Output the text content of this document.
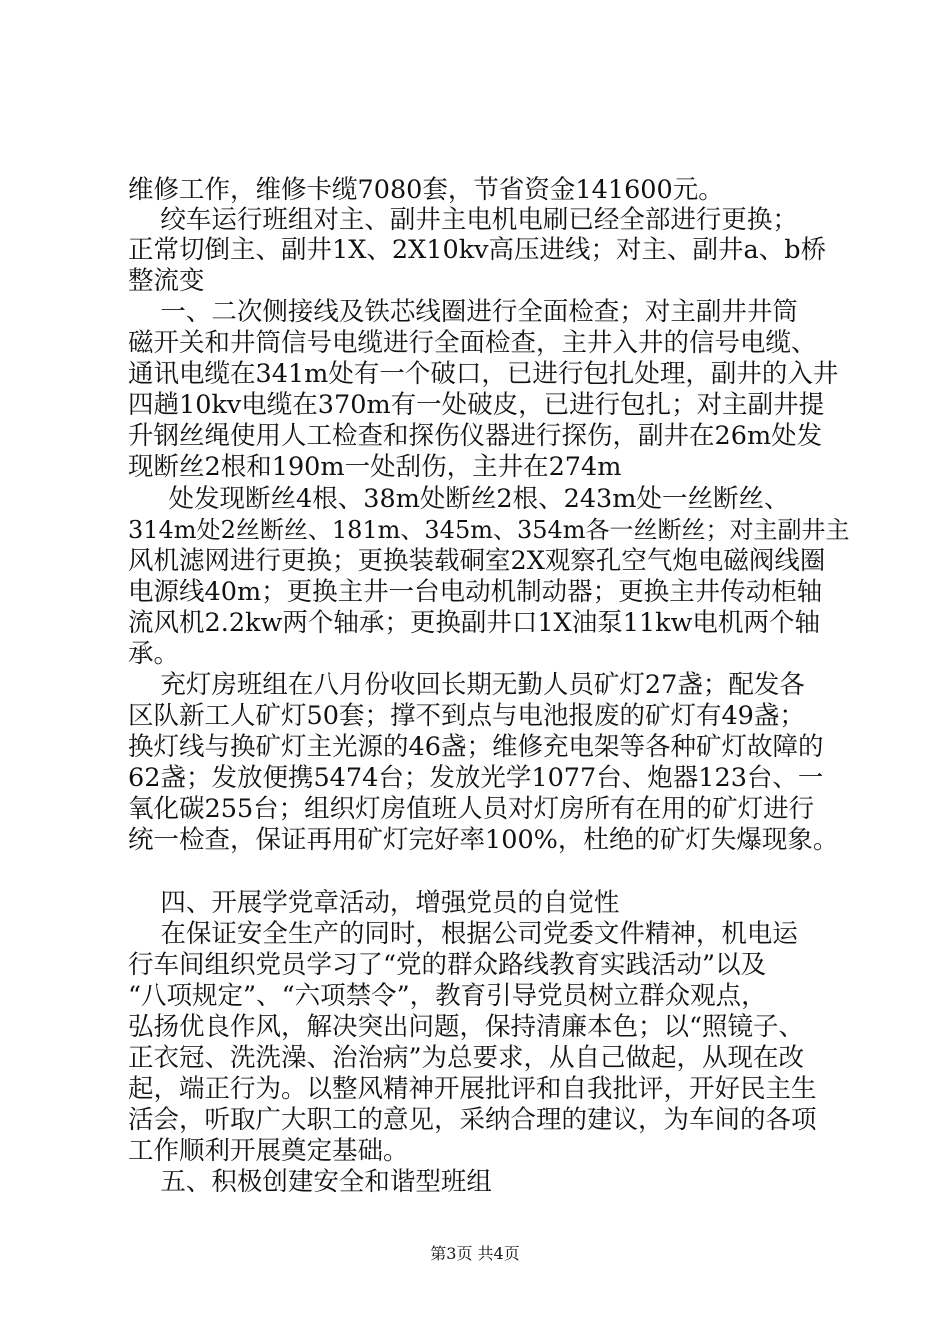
维修工作，维修卡缆7080套，节省资金141600元。
绞车运行班组对主、副井主电机电刷已经全部进行更换；
正常切倒主、副井1X、2X10kv高压进线；对主、副井a、b桥
整流变
一、二次侧接线及铁芯线圈进行全面检查；对主副井井筒
磁开关和井筒信号电缆进行全面检查，主井入井的信号电缆、
通讯电缆在341m处有一个破口，已进行包扎处理，副井的入井
四趟10kv电缆在370m有一处破皮，已进行包扎；对主副井提
升钢丝绳使用人工检查和探伤仪器进行探伤，副井在26m处发
现断丝2根和190m一处刮伤，主井在274m
处发现断丝4根、38m处断丝2根、243m处一丝断丝、
314m处2丝断丝、181m、345m、354m各一丝断丝；对主副井主
风机滤网进行更换；更换装载硐室2X观察孔空气炮电磁阀线圈
电源线40m；更换主井一台电动机制动器；更换主井传动柜轴
流风机2.2kw两个轴承；更换副井口1X油泵11kw电机两个轴
承。
充灯房班组在八月份收回长期无勤人员矿灯27盏；配发各
区队新工人矿灯50套；撑不到点与电池报废的矿灯有49盏；
换灯线与换矿灯主光源的46盏；维修充电架等各种矿灯故障的
62盏；发放便携5474台；发放光学1077台、炮器123台、一
氧化碳255台；组织灯房值班人员对灯房所有在用的矿灯进行
统一检查，保证再用矿灯完好率100%，杜绝的矿灯失爆现象。
四、开展学党章活动，增强党员的自觉性
在保证安全生产的同时，根据公司党委文件精神，机电运
行车间组织党员学习了“党的群众路线教育实践活动”以及
“八项规定”、“六项禁令”，教育引导党员树立群众观点，
弘扬优良作风，解决突出问题，保持清廉本色；以“照镜子、
正衣冠、洗洗澡、治治病”为总要求，从自己做起，从现在改
起，端正行为。以整风精神开展批评和自我批评，开好民主生
活会，听取广大职工的意见，采纳合理的建议，为车间的各项
工作顺利开展奠定基础。
五、积极创建安全和谐型班组
第3页 共4页
